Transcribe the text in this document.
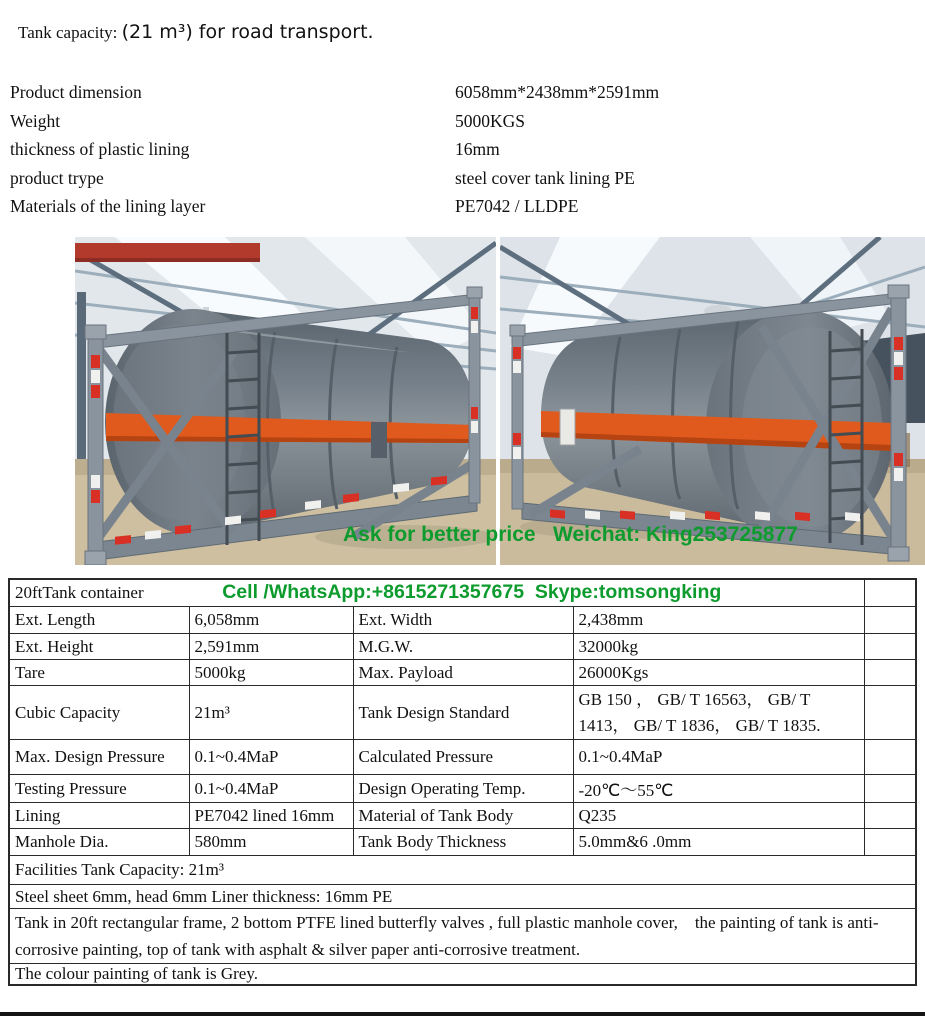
Tank capacity: (21 m³) for road transport.

Product dimension	6058mm*2438mm*2591mm
Weight	5000KGS
thickness of plastic lining	16mm
product trype	steel cover tank lining PE
Materials of the lining layer	PE7042 / LLDPE
Ask for better price   Weichat: King253725877
20ftTank container Cell /WhatsApp:+8615271357675  Skype:tomsongking				

Ext. Length	6,058mm	Ext. Width	2,438mm	
Ext. Height	2,591mm	M.G.W.	32000kg	
Tare	5000kg	Max. Payload	26000Kgs	
Cubic Capacity	21m³	Tank Design Standard	GB 150 ， GB/ T 16563， GB/ T 1413， GB/ T 1836， GB/ T 1835.	
Max. Design Pressure	0.1~0.4MaP	Calculated Pressure	0.1~0.4MaP	
Testing Pressure	0.1~0.4MaP	Design Operating Temp.	-20℃～55℃	
Lining	PE7042 lined 16mm	Material of Tank Body	Q235	
Manhole Dia.	580mm	Tank Body Thickness	5.0mm&6 .0mm	
Facilities Tank Capacity: 21m³				
Steel sheet 6mm, head 6mm Liner thickness: 16mm PE				
Tank in 20ft rectangular frame, 2 bottom PTFE lined butterfly valves , full plastic manhole cover,    the painting of tank is anti-corrosive painting, top of tank with asphalt & silver paper anti-corrosive treatment.				
The colour painting of tank is Grey.				
